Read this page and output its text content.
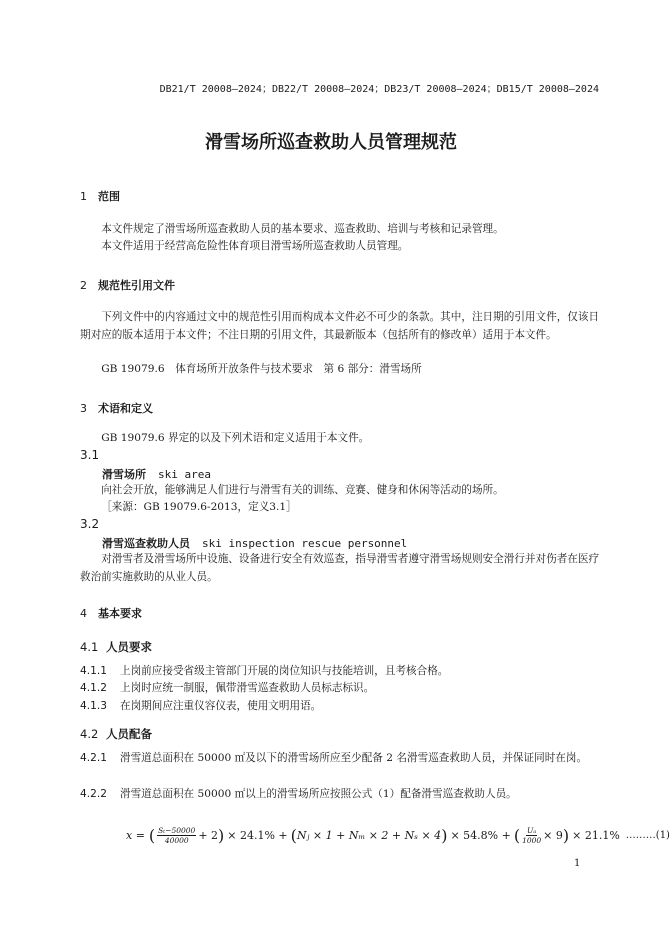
DB21/T 20008—2024；DB22/T 20008—2024；DB23/T 20008—2024；DB15/T 20008—2024
滑雪场所巡查救助人员管理规范
1 范围
本文件规定了滑雪场所巡查救助人员的基本要求、巡查救助、培训与考核和记录管理。
本文件适用于经营高危险性体育项目滑雪场所巡查救助人员管理。
2 规范性引用文件
下列文件中的内容通过文中的规范性引用而构成本文件必不可少的条款。其中，注日期的引用文件，仅该日期对应的版本适用于本文件；不注日期的引用文件，其最新版本（包括所有的修改单）适用于本文件。
GB 19079.6　体育场所开放条件与技术要求　第 6 部分：滑雪场所
3 术语和定义
GB 19079.6 界定的以及下列术语和定义适用于本文件。
3.1
滑雪场所 ski area
向社会开放，能够满足人们进行与滑雪有关的训练、竞赛、健身和休闲等活动的场所。
［来源：GB 19079.6-2013，定义3.1］
3.2
滑雪巡查救助人员 ski inspection rescue personnel
对滑雪者及滑雪场所中设施、设备进行安全有效巡查，指导滑雪者遵守滑雪场规则安全滑行并对伤者在医疗救治前实施救助的从业人员。
4 基本要求
4.1 人员要求
4.1.1 上岗前应接受省级主管部门开展的岗位知识与技能培训，且考核合格。
4.1.2 上岗时应统一制服，佩带滑雪巡查救助人员标志标识。
4.1.3 在岗期间应注重仪容仪表，使用文明用语。
4.2 人员配备
4.2.1 滑雪道总面积在 50000 ㎡及以下的滑雪场所应至少配备 2 名滑雪巡查救助人员，并保证同时在岗。
4.2.2 滑雪道总面积在 50000 ㎡以上的滑雪场所应按照公式（1）配备滑雪巡查救助人员。
x = ( $\frac{\text{Sₜ−50000}}{40000} + 2$ ) × 24.1% + ( Nⱼ × 1 + Nₘ × 2 + Nₛ × 4 ) × 54.8% + ( $\frac{\text{Uₐ}}{1000} \times 9$ ) × 21.1% ………(1)
1
